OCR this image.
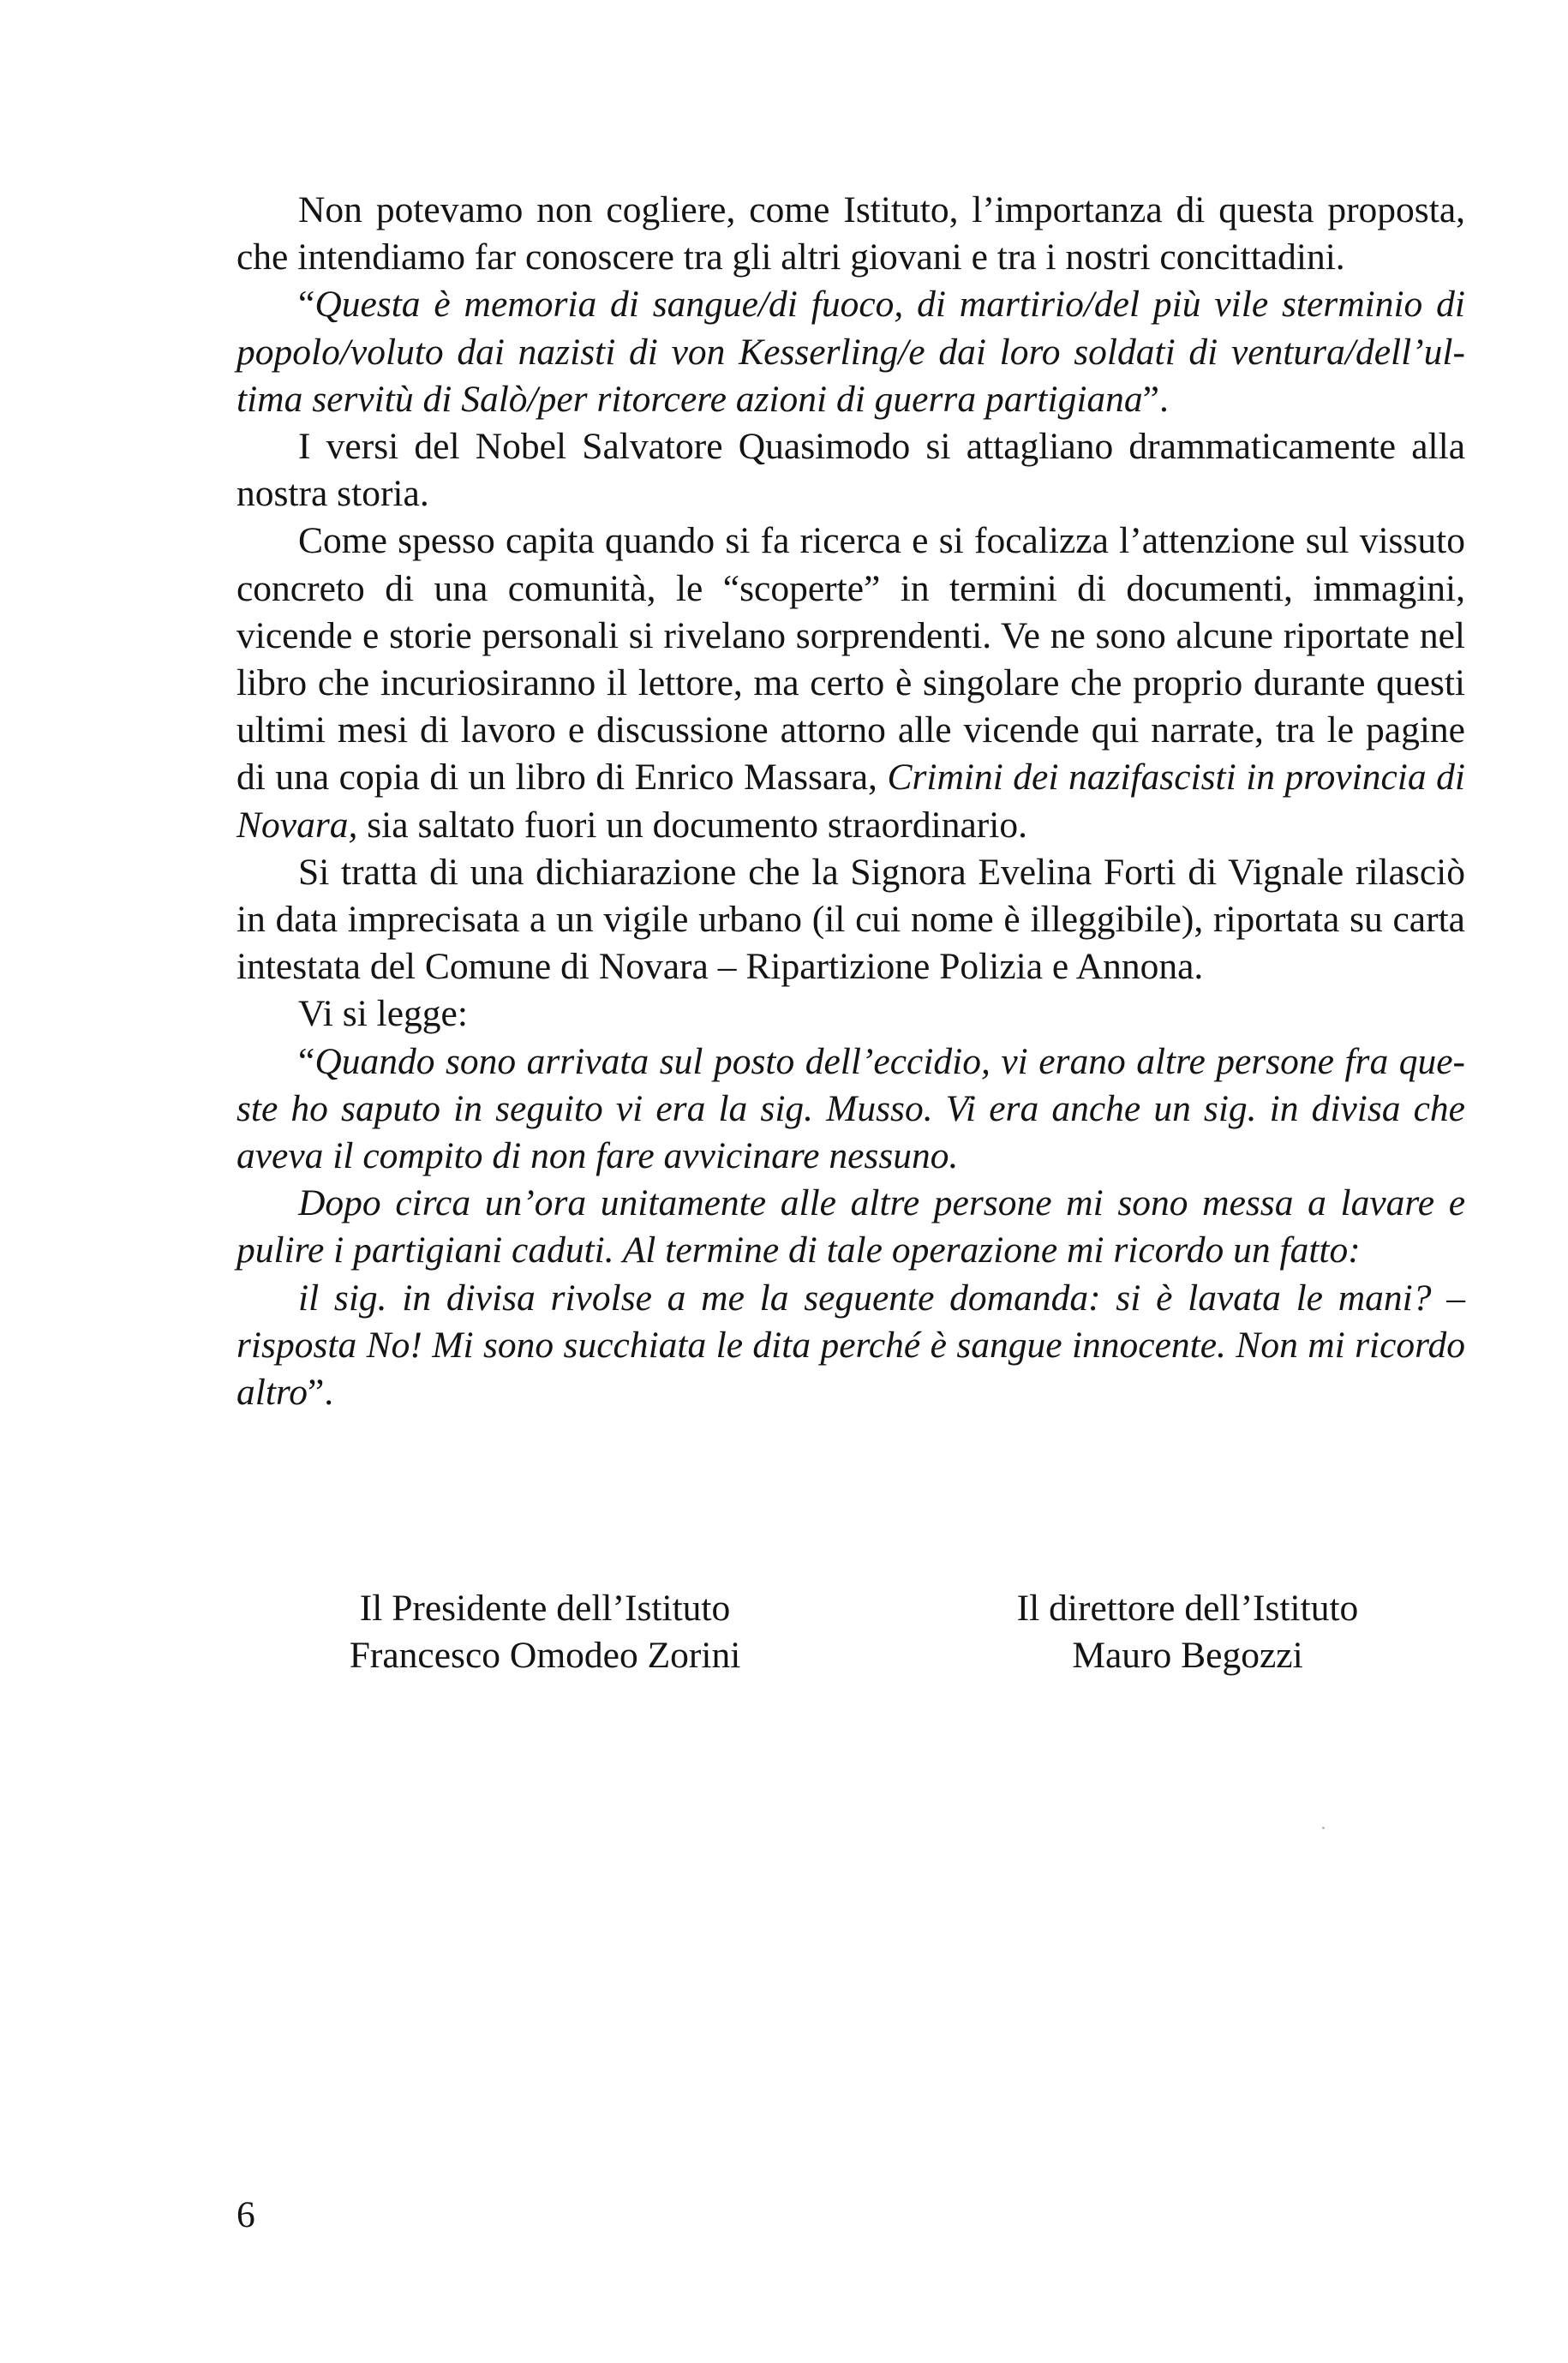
Non potevamo non cogliere, come Istituto, l’importanza di questa proposta, che intendiamo far conoscere tra gli altri giovani e tra i nostri concittadini.

“Questa è memoria di sangue/di fuoco, di martirio/del più vile sterminio di popolo/voluto dai nazisti di von Kesserling/e dai loro soldati di ventura/dell’ultima servitù di Salò/per ritorcere azioni di guerra partigiana”.

I versi del Nobel Salvatore Quasimodo si attagliano drammaticamente alla nostra storia.

Come spesso capita quando si fa ricerca e si focalizza l’attenzione sul vissuto concreto di una comunità, le “scoperte” in termini di documenti, immagini, vicende e storie personali si rivelano sorprendenti. Ve ne sono alcune riportate nel libro che incuriosiranno il lettore, ma certo è singolare che proprio durante questi ultimi mesi di lavoro e discussione attorno alle vicende qui narrate, tra le pagine di una copia di un libro di Enrico Massara, Crimini dei nazifascisti in provincia di Novara, sia saltato fuori un documento straordinario.

Si tratta di una dichiarazione che la Signora Evelina Forti di Vignale rilasciò in data imprecisata a un vigile urbano (il cui nome è illeggibile), riportata su carta intestata del Comune di Novara – Ripartizione Polizia e Annona.

Vi si legge:

“Quando sono arrivata sul posto dell’eccidio, vi erano altre persone fra queste ho saputo in seguito vi era la sig. Musso. Vi era anche un sig. in divisa che aveva il compito di non fare avvicinare nessuno.

Dopo circa un’ora unitamente alle altre persone mi sono messa a lavare e pulire i partigiani caduti. Al termine di tale operazione mi ricordo un fatto:

il sig. in divisa rivolse a me la seguente domanda: si è lavata le mani? – risposta No! Mi sono succhiata le dita perché è sangue innocente. Non mi ricordo altro”.

Il Presidente dell’Istituto
Francesco Omodeo Zorini
Il direttore dell’Istituto
Mauro Begozzi
6
